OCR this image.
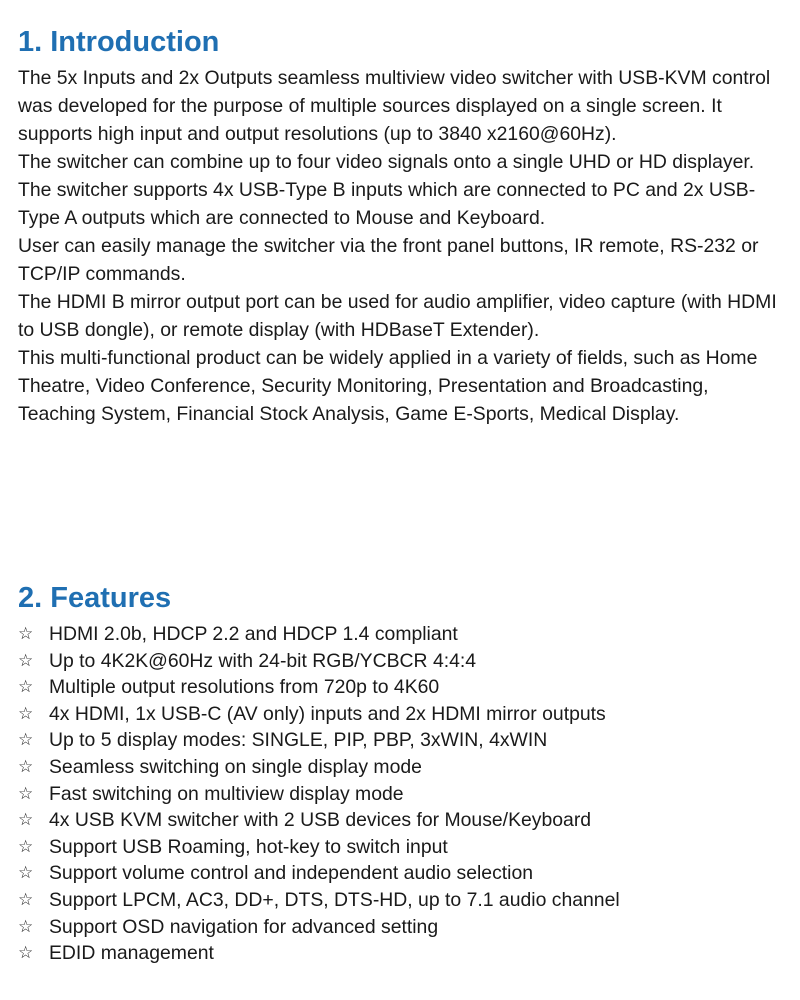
1. Introduction

The 5x Inputs and 2x Outputs seamless multiview video switcher with USB-KVM control was developed for the purpose of multiple sources displayed on a single screen. It supports high input and output resolutions (up to 3840 x2160@60Hz).

The switcher can combine up to four video signals onto a single UHD or HD displayer.

The switcher supports 4x USB-Type B inputs which are connected to PC and 2x USB-Type A outputs which are connected to Mouse and Keyboard.

User can easily manage the switcher via the front panel buttons, IR remote, RS-232 or TCP/IP commands.

The HDMI B mirror output port can be used for audio amplifier, video capture (with HDMI to USB dongle), or remote display (with HDBaseT Extender).

This multi-functional product can be widely applied in a variety of fields, such as Home Theatre, Video Conference, Security Monitoring, Presentation and Broadcasting, Teaching System, Financial Stock Analysis, Game E-Sports, Medical Display.

2. Features
☆ HDMI 2.0b, HDCP 2.2 and HDCP 1.4 compliant
☆ Up to 4K2K@60Hz with 24-bit RGB/YCBCR 4:4:4
☆ Multiple output resolutions from 720p to 4K60
☆ 4x HDMI, 1x USB-C (AV only) inputs and 2x HDMI mirror outputs
☆ Up to 5 display modes: SINGLE, PIP, PBP, 3xWIN, 4xWIN
☆ Seamless switching on single display mode
☆ Fast switching on multiview display mode
☆ 4x USB KVM switcher with 2 USB devices for Mouse/Keyboard
☆ Support USB Roaming, hot-key to switch input
☆ Support volume control and independent audio selection
☆ Support LPCM, AC3, DD+, DTS, DTS-HD, up to 7.1 audio channel
☆ Support OSD navigation for advanced setting
☆ EDID management
